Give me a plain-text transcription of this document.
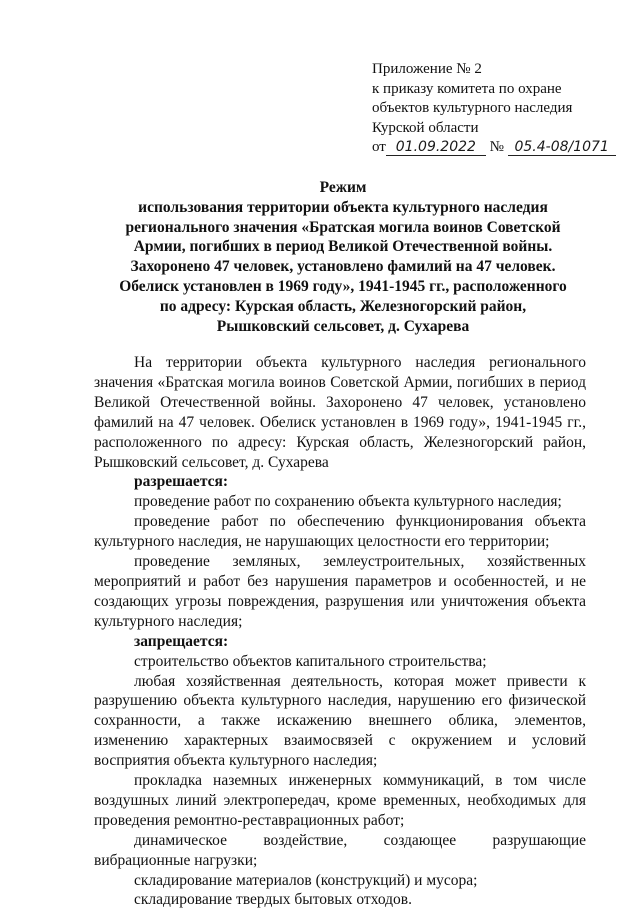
Приложение № 2
к приказу комитета по охране
объектов культурного наследия
Курской области
от 01.09.2022 № 05.4-08/1071
Режим
использования территории объекта культурного наследия
регионального значения «Братская могила воинов Советской
Армии, погибших в период Великой Отечественной войны.
Захоронено 47 человек, установлено фамилий на 47 человек.
Обелиск установлен в 1969 году», 1941-1945 гг., расположенного
по адресу: Курская область, Железногорский район,
Рышковский сельсовет, д. Сухарева

На территории объекта культурного наследия регионального значения «Братская могила воинов Советской Армии, погибших в период Великой Отечественной войны. Захоронено 47 человек, установлено фамилий на 47 человек. Обелиск установлен в 1969 году», 1941-1945 гг., расположенного по адресу: Курская область, Железногорский район, Рышковский сельсовет, д. Сухарева

разрешается:

проведение работ по сохранению объекта культурного наследия;

проведение работ по обеспечению функционирования объекта культурного наследия, не нарушающих целостности его территории;

проведение земляных, землеустроительных, хозяйственных мероприятий и работ без нарушения параметров и особенностей, и не создающих угрозы повреждения, разрушения или уничтожения объекта культурного наследия;

запрещается:

строительство объектов капитального строительства;

любая хозяйственная деятельность, которая может привести к разрушению объекта культурного наследия, нарушению его физической сохранности, а также искажению внешнего облика, элементов, изменению характерных взаимосвязей с окружением и условий восприятия объекта культурного наследия;

прокладка наземных инженерных коммуникаций, в том числе воздушных линий электропередач, кроме временных, необходимых для проведения ремонтно-реставрационных работ;

динамическое воздействие, создающее разрушающие вибрационные нагрузки;

складирование материалов (конструкций) и мусора;

складирование твердых бытовых отходов.
